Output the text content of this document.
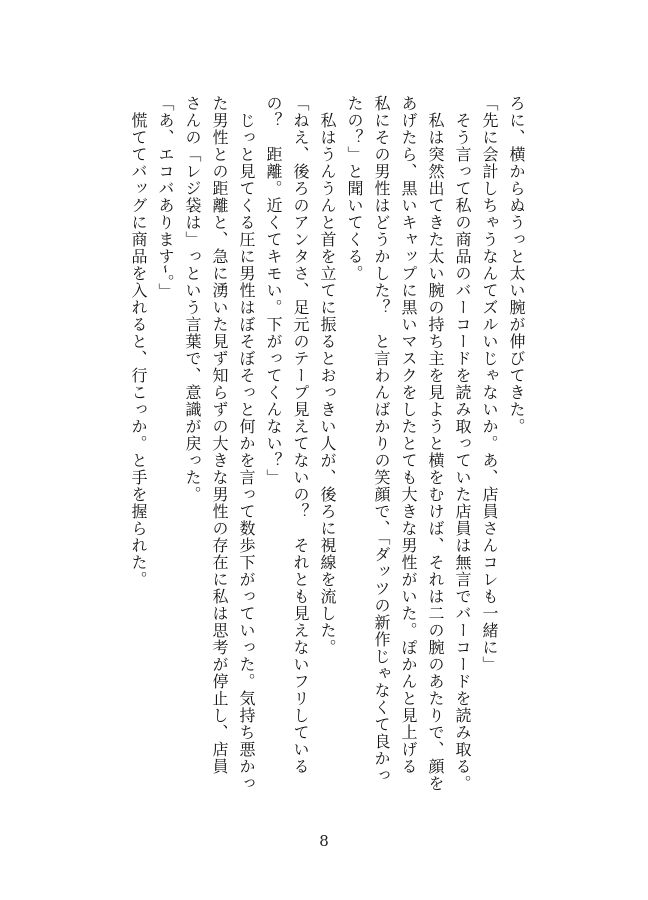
ろに、横からぬうっと太い腕が伸びてきた。
「先に会計しちゃうなんてズルいじゃないか。あ、店員さんコレも一緒に」
　そう言って私の商品のバーコードを読み取っていた店員は無言でバーコードを読み取る。
　私は突然出てきた太い腕の持ち主を見ようと横をむけば、それは二の腕のあたりで、顔を
あげたら、黒いキャップに黒いマスクをしたとても大きな男性がいた。ぽかんと見上げる
私にその男性はどうかした？　と言わんばかりの笑顔で、「ダッツの新作じゃなくて良かっ
たの？」と聞いてくる。
　私はうんうんと首を立てに振るとおっきい人が、後ろに視線を流した。
「ねえ、後ろのアンタさ、足元のテープ見えてないの？　それとも見えないフリしている
の？　距離。近くてキモい。下がってくんない？」
　じっと見てくる圧に男性はぼそぼそっと何かを言って数歩下がっていった。気持ち悪かっ
た男性との距離と、急に湧いた見ず知らずの大きな男性の存在に私は思考が停止し、店員
さんの「レジ袋は」っという言葉で、意識が戻った。
「あ、エコバありますｰ。」
　慌ててバッグに商品を入れると、行こっか。と手を握られた。
8
